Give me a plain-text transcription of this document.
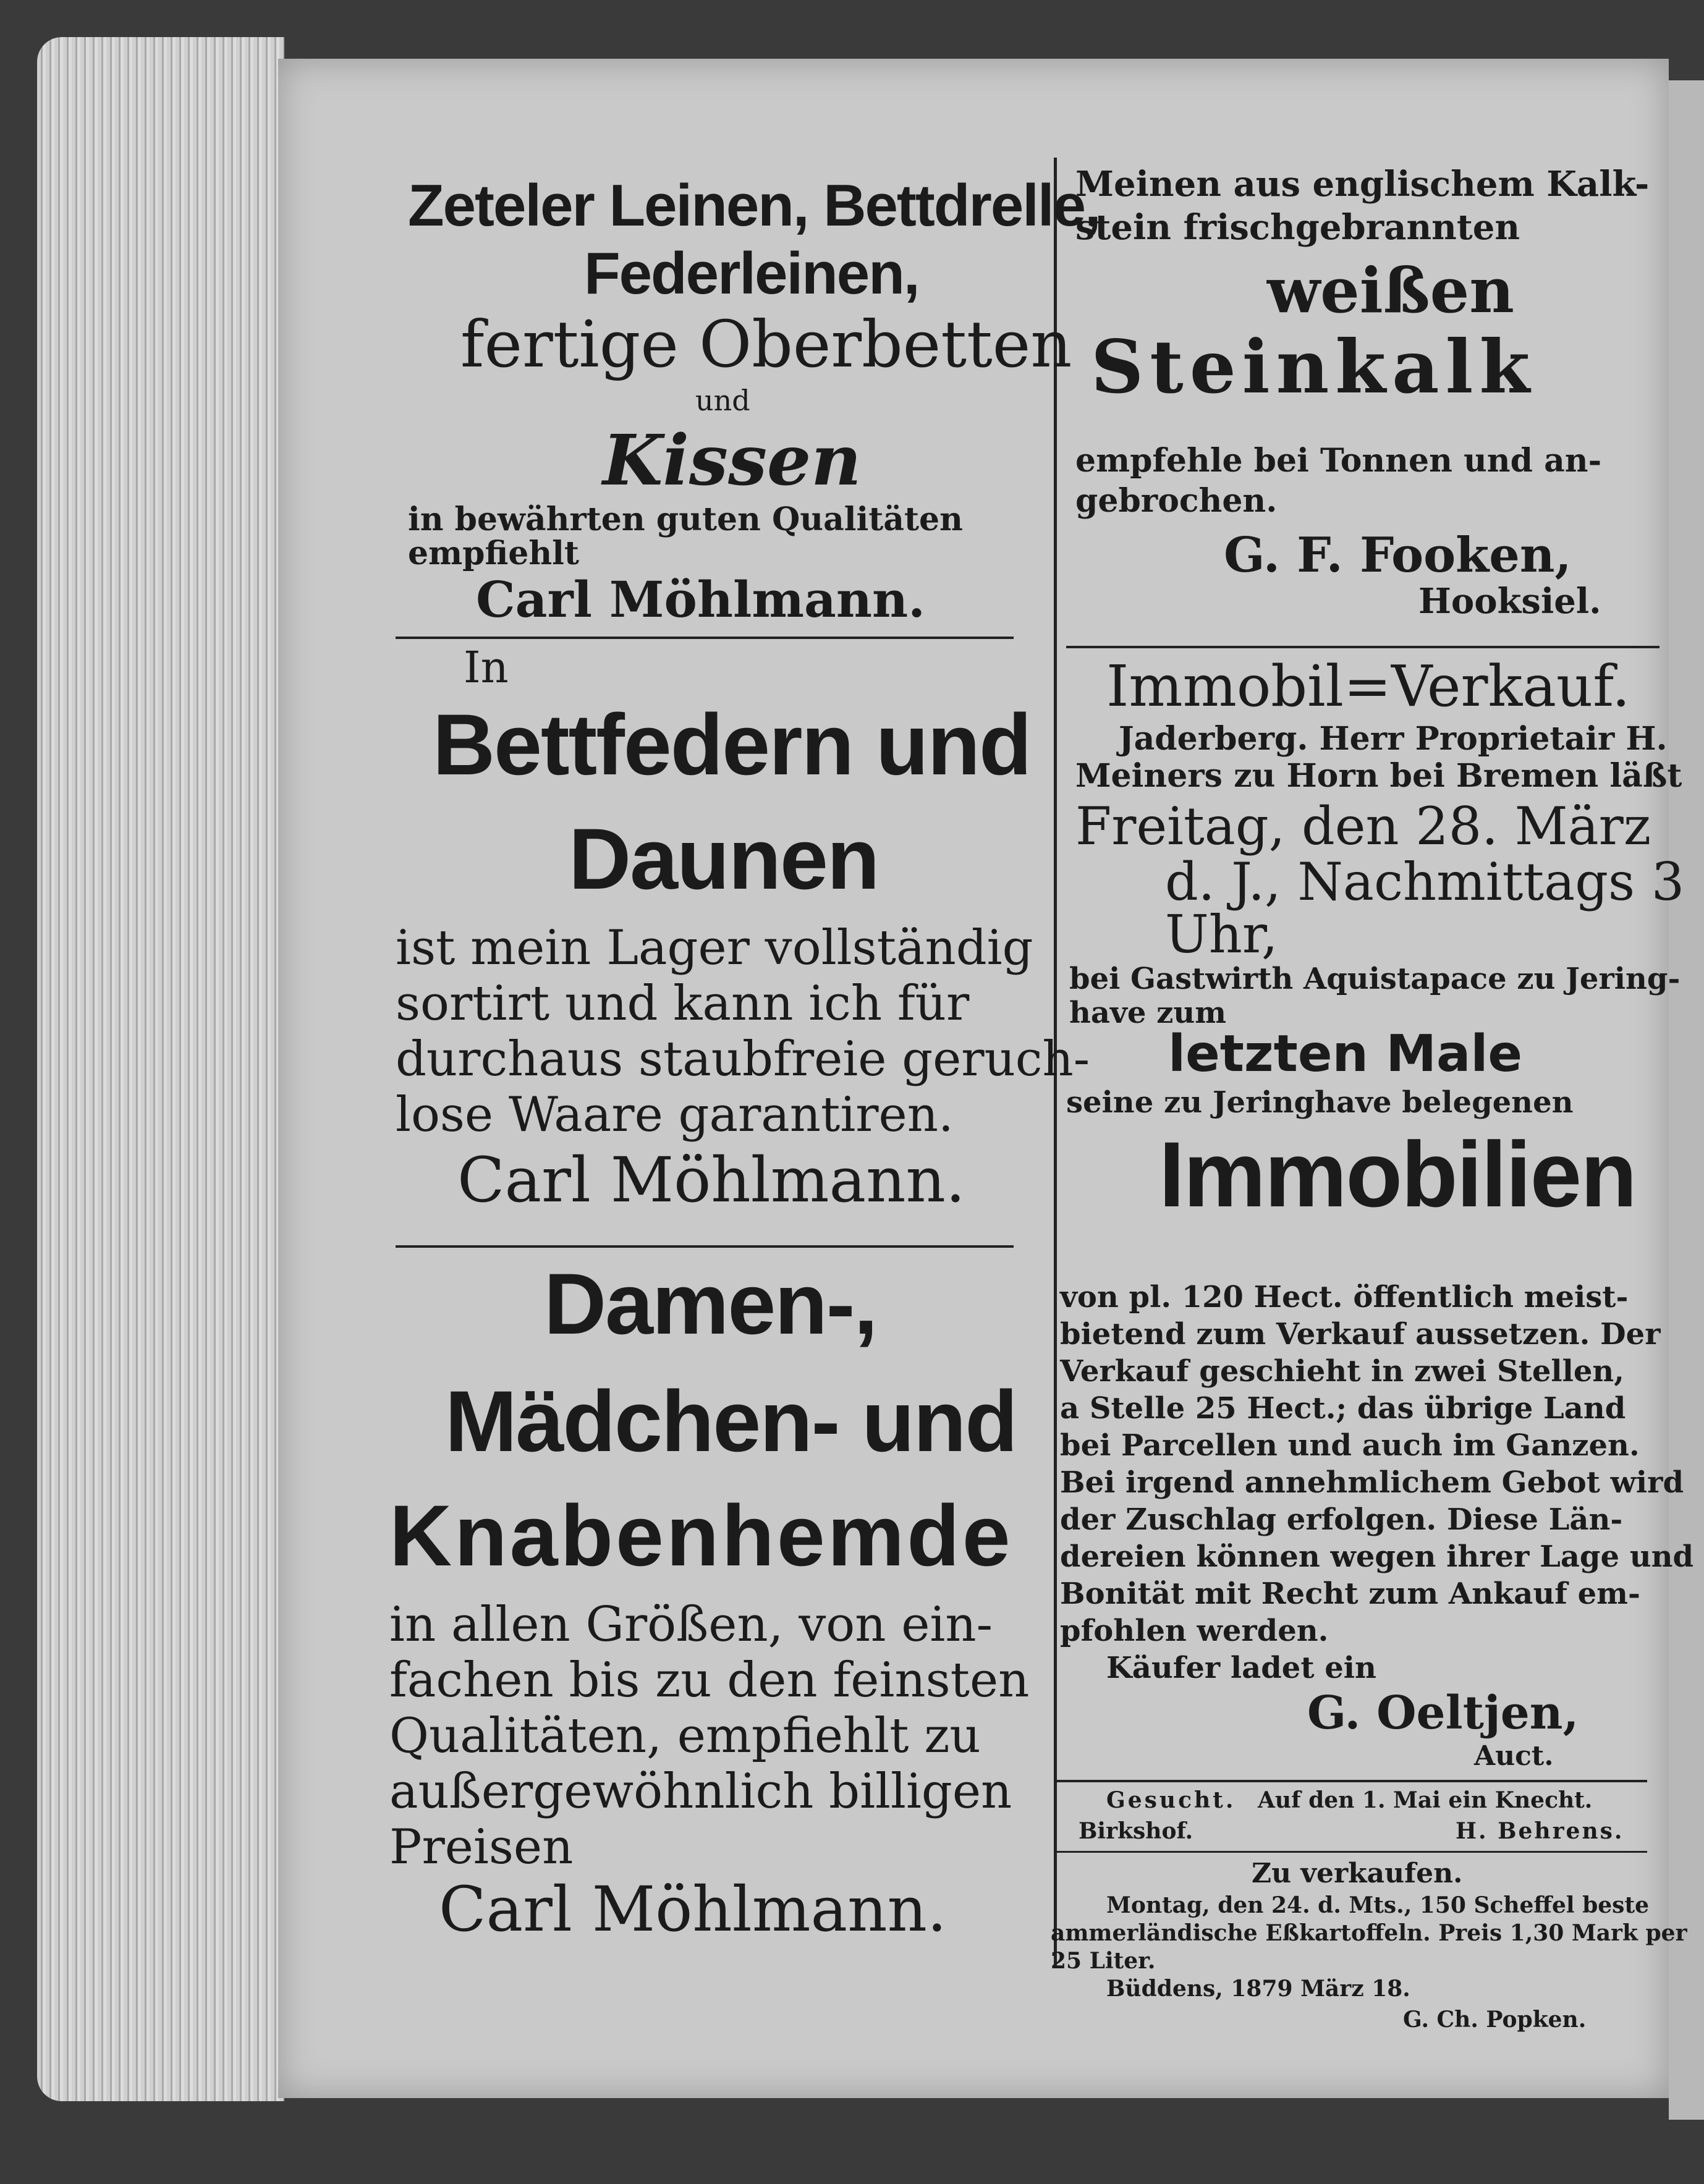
Zeteler Leinen, Bettdrelle,
Federleinen,
fertige Oberbetten
und
Kissen
in bewährten guten Qualitäten
empfiehlt
Carl Möhlmann.
In
Bettfedern und
Daunen
ist mein Lager vollständig
sortirt und kann ich für
durchaus staubfreie geruch-
lose Waare garantiren.
Carl Möhlmann.
Damen-,
Mädchen- und
Knabenhemde
in allen Größen, von ein-
fachen bis zu den feinsten
Qualitäten, empfiehlt zu
außergewöhnlich billigen
Preisen
Carl Möhlmann.
Meinen aus englischem Kalk-
stein frischgebrannten
weißen
Steinkalk
empfehle bei Tonnen und an-
gebrochen.
G. F. Fooken,
Hooksiel.
Immobil=Verkauf.
Jaderberg. Herr Proprietair H.
Meiners zu Horn bei Bremen läßt
Freitag, den 28. März
d. J., Nachmittags 3
Uhr,
bei Gastwirth Aquistapace zu Jering-
have zum
letzten Male
seine zu Jeringhave belegenen
Immobilien
von pl. 120 Hect. öffentlich meist-
bietend zum Verkauf aussetzen. Der
Verkauf geschieht in zwei Stellen,
a Stelle 25 Hect.; das übrige Land
bei Parcellen und auch im Ganzen.
Bei irgend annehmlichem Gebot wird
der Zuschlag erfolgen. Diese Län-
dereien können wegen ihrer Lage und
Bonität mit Recht zum Ankauf em-
pfohlen werden.
Käufer ladet ein
G. Oeltjen,
Auct.
Gesucht. Auf den 1. Mai ein Knecht.
Birkshof.	H. Behrens.
Zu verkaufen.
Montag, den 24. d. Mts., 150 Scheffel beste
ammerländische Eßkartoffeln. Preis 1,30 Mark per
25 Liter.
Büddens, 1879 März 18.
G. Ch. Popken.
